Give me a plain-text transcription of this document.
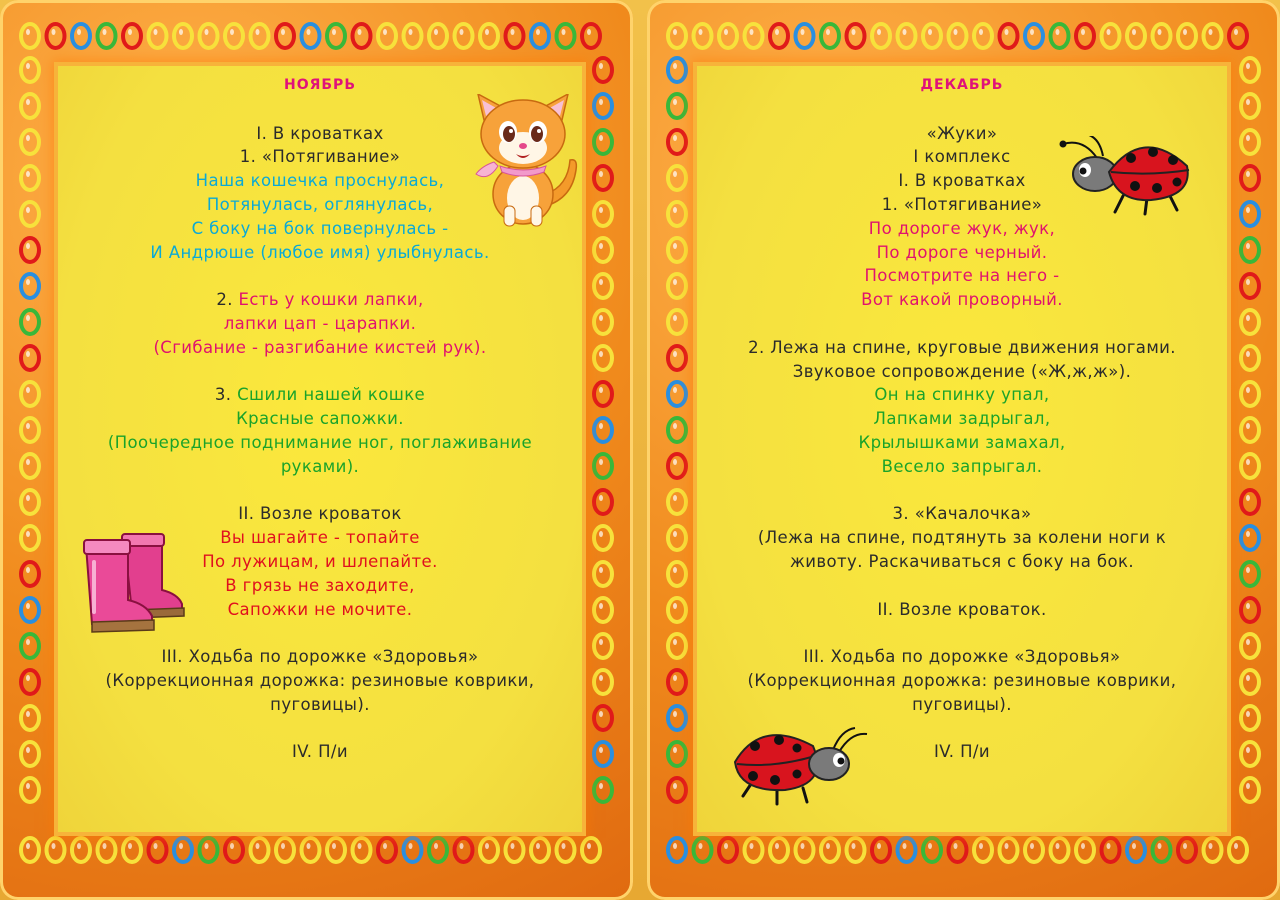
НОЯБРЬ
I. В кроватках
1. «Потягивание»
Наша кошечка проснулась,
Потянулась, оглянулась,
С боку на бок повернулась -
И Андрюше (любое имя) улыбнулась.
2. Есть у кошки лапки,
лапки цап - царапки.
(Сгибание - разгибание кистей рук).
3. Сшили нашей кошке
Красные сапожки.
(Поочередное поднимание ног, поглаживание
руками).
II. Возле кроваток
Вы шагайте - топайте
По лужицам, и шлепайте.
В грязь не заходите,
Сапожки не мочите.
III. Ходьба по дорожке «Здоровья»
(Коррекционная дорожка: резиновые коврики,
пуговицы).
IV. П/и
ДЕКАБРЬ
«Жуки»
I комплекс
I. В кроватках
1. «Потягивание»
По дороге жук, жук,
По дороге черный.
Посмотрите на него -
Вот какой проворный.
2. Лежа на спине, круговые движения ногами.
Звуковое сопровождение («Ж,ж,ж»).
Он на спинку упал,
Лапками задрыгал,
Крылышками замахал,
Весело запрыгал.
3. «Качалочка»
(Лежа на спине, подтянуть за колени ноги к
животу. Раскачиваться с боку на бок.
II. Возле кроваток.
III. Ходьба по дорожке «Здоровья»
(Коррекционная дорожка: резиновые коврики,
пуговицы).
IV. П/и
